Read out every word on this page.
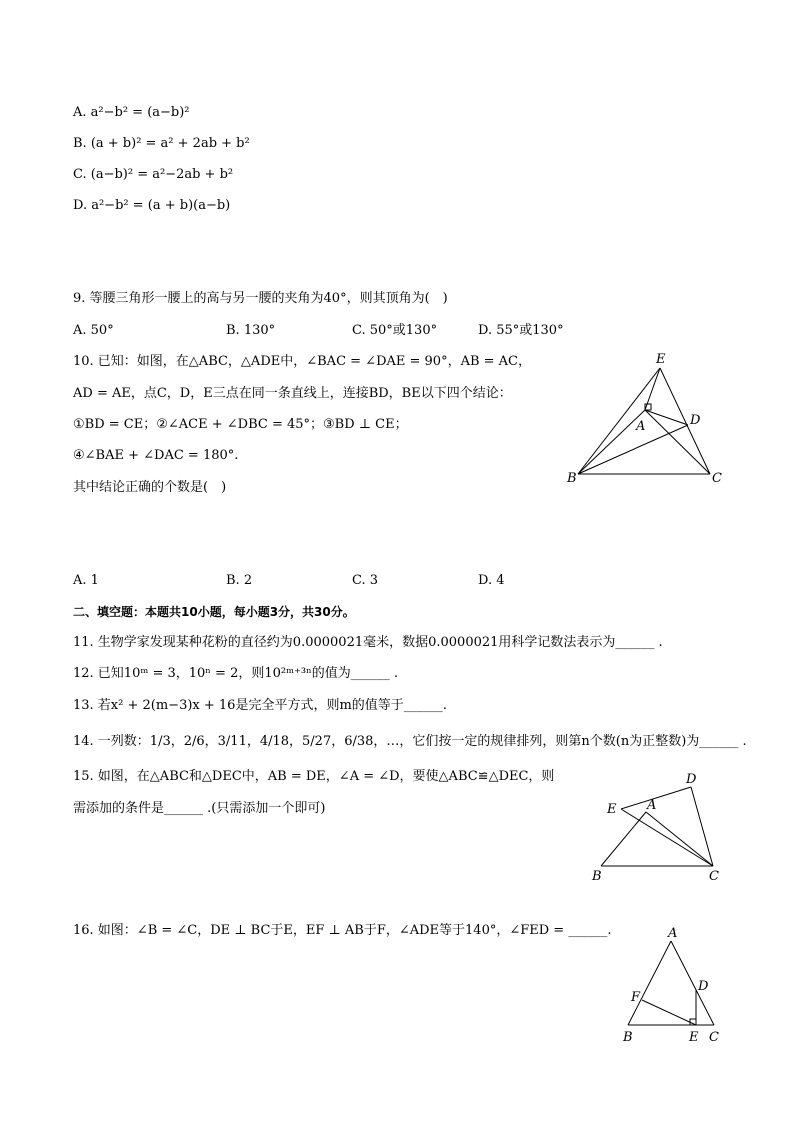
A. a²−b² = (a−b)²
B. (a + b)² = a² + 2ab + b²
C. (a−b)² = a²−2ab + b²
D. a²−b² = (a + b)(a−b)
9. 等腰三角形一腰上的高与另一腰的夹角为40°，则其顶角为(　)
A. 50°	B. 130°	C. 50°或130°	D. 55°或130°
10. 已知：如图，在△ABC，△ADE中，∠BAC = ∠DAE = 90°，AB = AC，
AD = AE，点C，D，E三点在同一条直线上，连接BD，BE以下四个结论：
①BD = CE；②∠ACE + ∠DBC = 45°；③BD ⊥ CE；
④∠BAE + ∠DAC = 180°.
其中结论正确的个数是(　)
E
D
A
B	C
A. 1	B. 2	C. 3	D. 4
二、填空题：本题共10小题，每小题3分，共30分。
11. 生物学家发现某种花粉的直径约为0.0000021毫米，数据0.0000021用科学记数法表示为______ .
12. 已知10ᵐ = 3，10ⁿ = 2，则10²ᵐ⁺³ⁿ的值为______ .
13. 若x² + 2(m−3)x + 16是完全平方式，则m的值等于______.
14. 一列数：1/3，2/6，3/11，4/18，5/27，6/38，…，它们按一定的规律排列，则第n个数(n为正整数)为______ .
15. 如图，在△ABC和△DEC中，AB = DE，∠A = ∠D，要使△ABC≌△DEC，则
需添加的条件是______ .(只需添加一个即可)
D
E A
B	C
16. 如图：∠B = ∠C，DE ⊥ BC于E，EF ⊥ AB于F，∠ADE等于140°，∠FED = ______.	A
F
D
B	E C
